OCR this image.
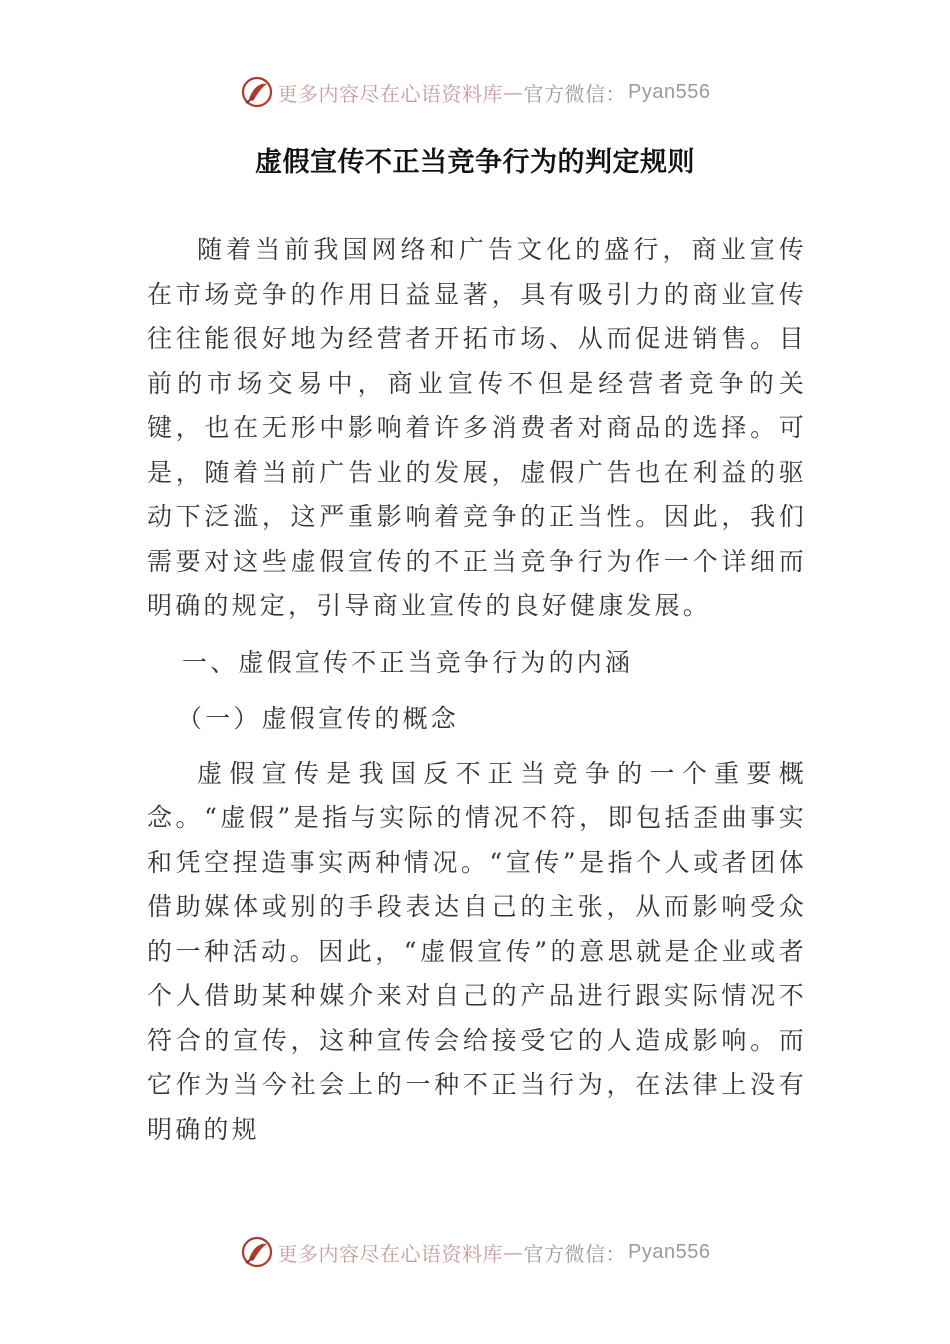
更多内容尽在心语资料库 — 官方微信： Pyan556
虚假宣传不正当竞争行为的判定规则

随着当前我国网络和广告文化的盛行，商业宣传在市场竞争的作用日益显著，具有吸引力的商业宣传往往能很好地为经营者开拓市场、从而促进销售。目前的市场交易中，商业宣传不但是经营者竞争的关键，也在无形中影响着许多消费者对商品的选择。可是，随着当前广告业的发展，虚假广告也在利益的驱动下泛滥，这严重影响着竞争的正当性。因此，我们需要对这些虚假宣传的不正当竞争行为作一个详细而明确的规定，引导商业宣传的良好健康发展。

一、虚假宣传不正当竞争行为的内涵

（一）虚假宣传的概念

虚假宣传是我国反不正当竞争的一个重要概念。“虚假”是指与实际的情况不符，即包括歪曲事实和凭空捏造事实两种情况。“宣传”是指个人或者团体借助媒体或别的手段表达自己的主张，从而影响受众的一种活动。因此，“虚假宣传”的意思就是企业或者个人借助某种媒介来对自己的产品进行跟实际情况不符合的宣传，这种宣传会给接受它的人造成影响。而它作为当今社会上的一种不正当行为，在法律上没有明确的规

更多内容尽在心语资料库 — 官方微信： Pyan556
